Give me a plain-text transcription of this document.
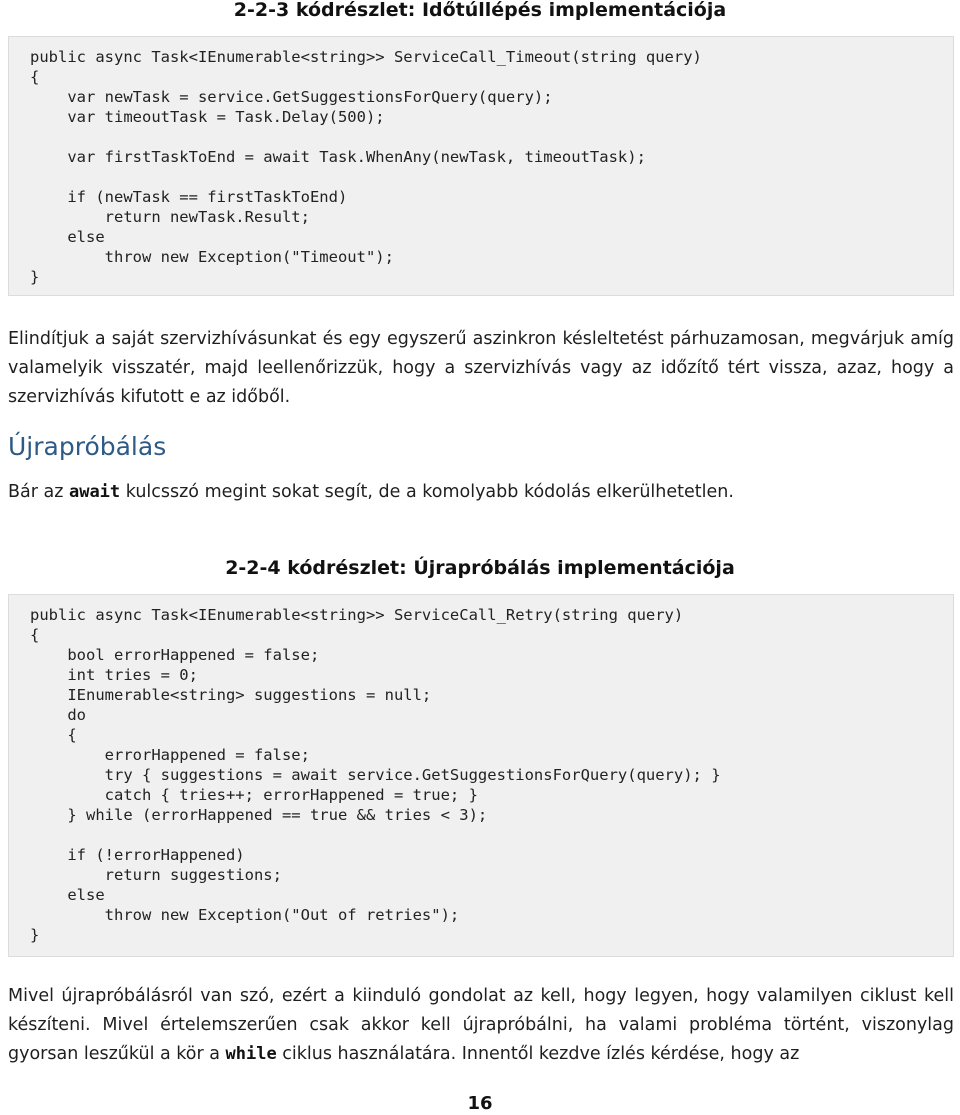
2-2-3 kódrészlet: Időtúllépés implementációja
public async Task<IEnumerable<string>> ServiceCall_Timeout(string query)
{
var newTask = service.GetSuggestionsForQuery(query);
var timeoutTask = Task.Delay(500);

var firstTaskToEnd = await Task.WhenAny(newTask, timeoutTask);

if (newTask == firstTaskToEnd)
return newTask.Result;
else
throw new Exception("Timeout");
}

Elindítjuk a saját szervizhívásunkat és egy egyszerű aszinkron késleltetést párhuzamosan, megvárjuk amíg valamelyik visszatér, majd leellenőrizzük, hogy a szervizhívás vagy az időzítő tért vissza, azaz, hogy a szervizhívás kifutott e az időből.

Újrapróbálás

Bár az await kulcsszó megint sokat segít, de a komolyabb kódolás elkerülhetetlen.

2-2-4 kódrészlet: Újrapróbálás implementációja
public async Task<IEnumerable<string>> ServiceCall_Retry(string query)
{
bool errorHappened = false;
int tries = 0;
IEnumerable<string> suggestions = null;
do
{
errorHappened = false;
try { suggestions = await service.GetSuggestionsForQuery(query); }
catch { tries++; errorHappened = true; }
} while (errorHappened == true && tries < 3);

if (!errorHappened)
return suggestions;
else
throw new Exception("Out of retries");
}

Mivel újrapróbálásról van szó, ezért a kiinduló gondolat az kell, hogy legyen, hogy valamilyen ciklust kell készíteni. Mivel értelemszerűen csak akkor kell újrapróbálni, ha valami probléma történt, viszonylag gyorsan leszűkül a kör a while ciklus használatára. Innentől kezdve ízlés kérdése, hogy az

16
